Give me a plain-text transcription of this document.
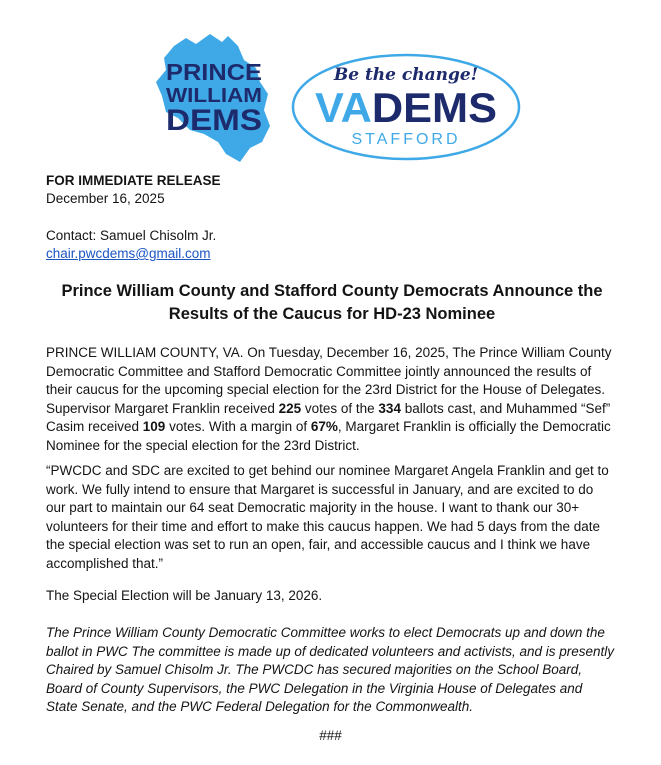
PRINCE
WILLIAM
DEMS
Be the change!
VADEMS
STAFFORD
FOR IMMEDIATE RELEASE
December 16, 2025
Contact: Samuel Chisolm Jr.
chair.pwcdems@gmail.com
Prince William County and Stafford County Democrats Announce the
Results of the Caucus for HD-23 Nominee

PRINCE WILLIAM COUNTY, VA. On Tuesday, December 16, 2025, The Prince William County Democratic Committee and Stafford Democratic Committee jointly announced the results of their caucus for the upcoming special election for the 23rd District for the House of Delegates. Supervisor Margaret Franklin received 225 votes of the 334 ballots cast, and Muhammed “Sef” Casim received 109 votes. With a margin of 67%, Margaret Franklin is officially the Democratic Nominee for the special election for the 23rd District.

“PWCDC and SDC are excited to get behind our nominee Margaret Angela Franklin and get to work. We fully intend to ensure that Margaret is successful in January, and are excited to do our part to maintain our 64 seat Democratic majority in the house. I want to thank our 30+ volunteers for their time and effort to make this caucus happen. We had 5 days from the date the special election was set to run an open, fair, and accessible caucus and I think we have accomplished that.”

The Special Election will be January 13, 2026.

The Prince William County Democratic Committee works to elect Democrats up and down the ballot in PWC The committee is made up of dedicated volunteers and activists, and is presently Chaired by Samuel Chisolm Jr. The PWCDC has secured majorities on the School Board, Board of County Supervisors, the PWC Delegation in the Virginia House of Delegates and State Senate, and the PWC Federal Delegation for the Commonwealth.

###
